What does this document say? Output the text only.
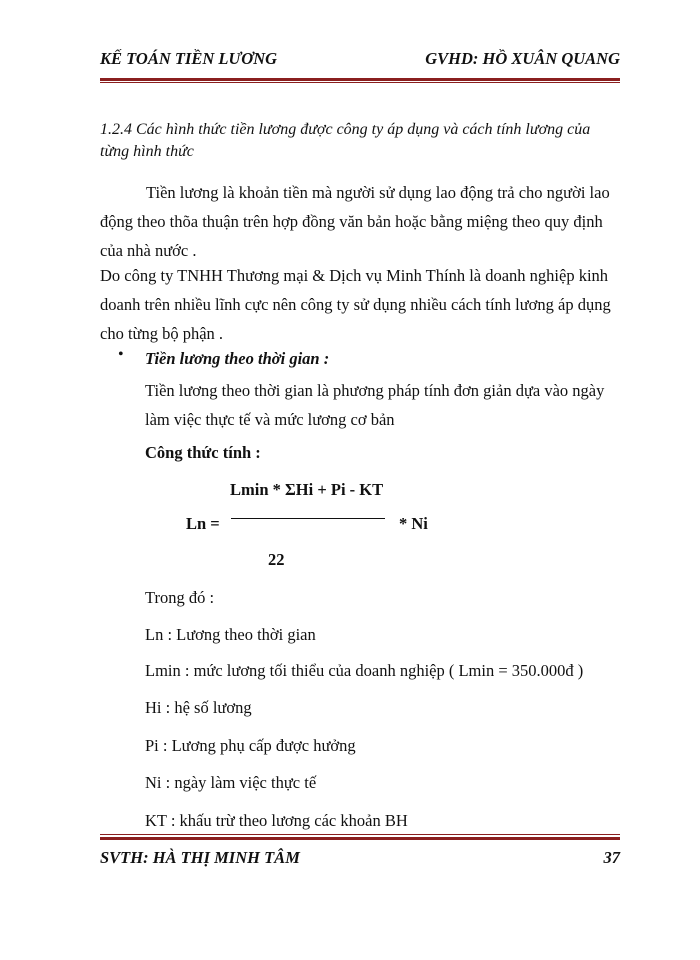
KẾ TOÁN TIỀN LƯƠNG	GVHD: HỒ XUÂN QUANG
1.2.4 Các hình thức tiền lương được công ty áp dụng và cách tính lương của từng hình thức
Tiền lương là khoản tiền mà người sử dụng lao động trả cho người lao động theo thõa thuận trên hợp đồng văn bản hoặc bằng miệng theo quy định của nhà nước .
Do công ty TNHH Thương mại & Dịch vụ Minh Thính là doanh nghiệp kinh doanh trên nhiều lĩnh cực nên công ty sử dụng nhiều cách tính lương áp dụng cho từng bộ phận .
• Tiền lương theo thời gian :
Tiền lương theo thời gian là phương pháp tính đơn giản dựa vào ngày làm việc thực tế và mức lương cơ bản
Công thức tính :
Lmin * ΣHi + Pi - KT
Ln =	* Ni
22
Trong đó :
Ln : Lương theo thời gian
Lmin : mức lương tối thiểu của doanh nghiệp ( Lmin = 350.000đ )
Hi : hệ số lương
Pi : Lương phụ cấp được hưởng
Ni : ngày làm việc thực tế
KT : khấu trừ theo lương các khoản BH
SVTH: HÀ THỊ MINH TÂM	37
